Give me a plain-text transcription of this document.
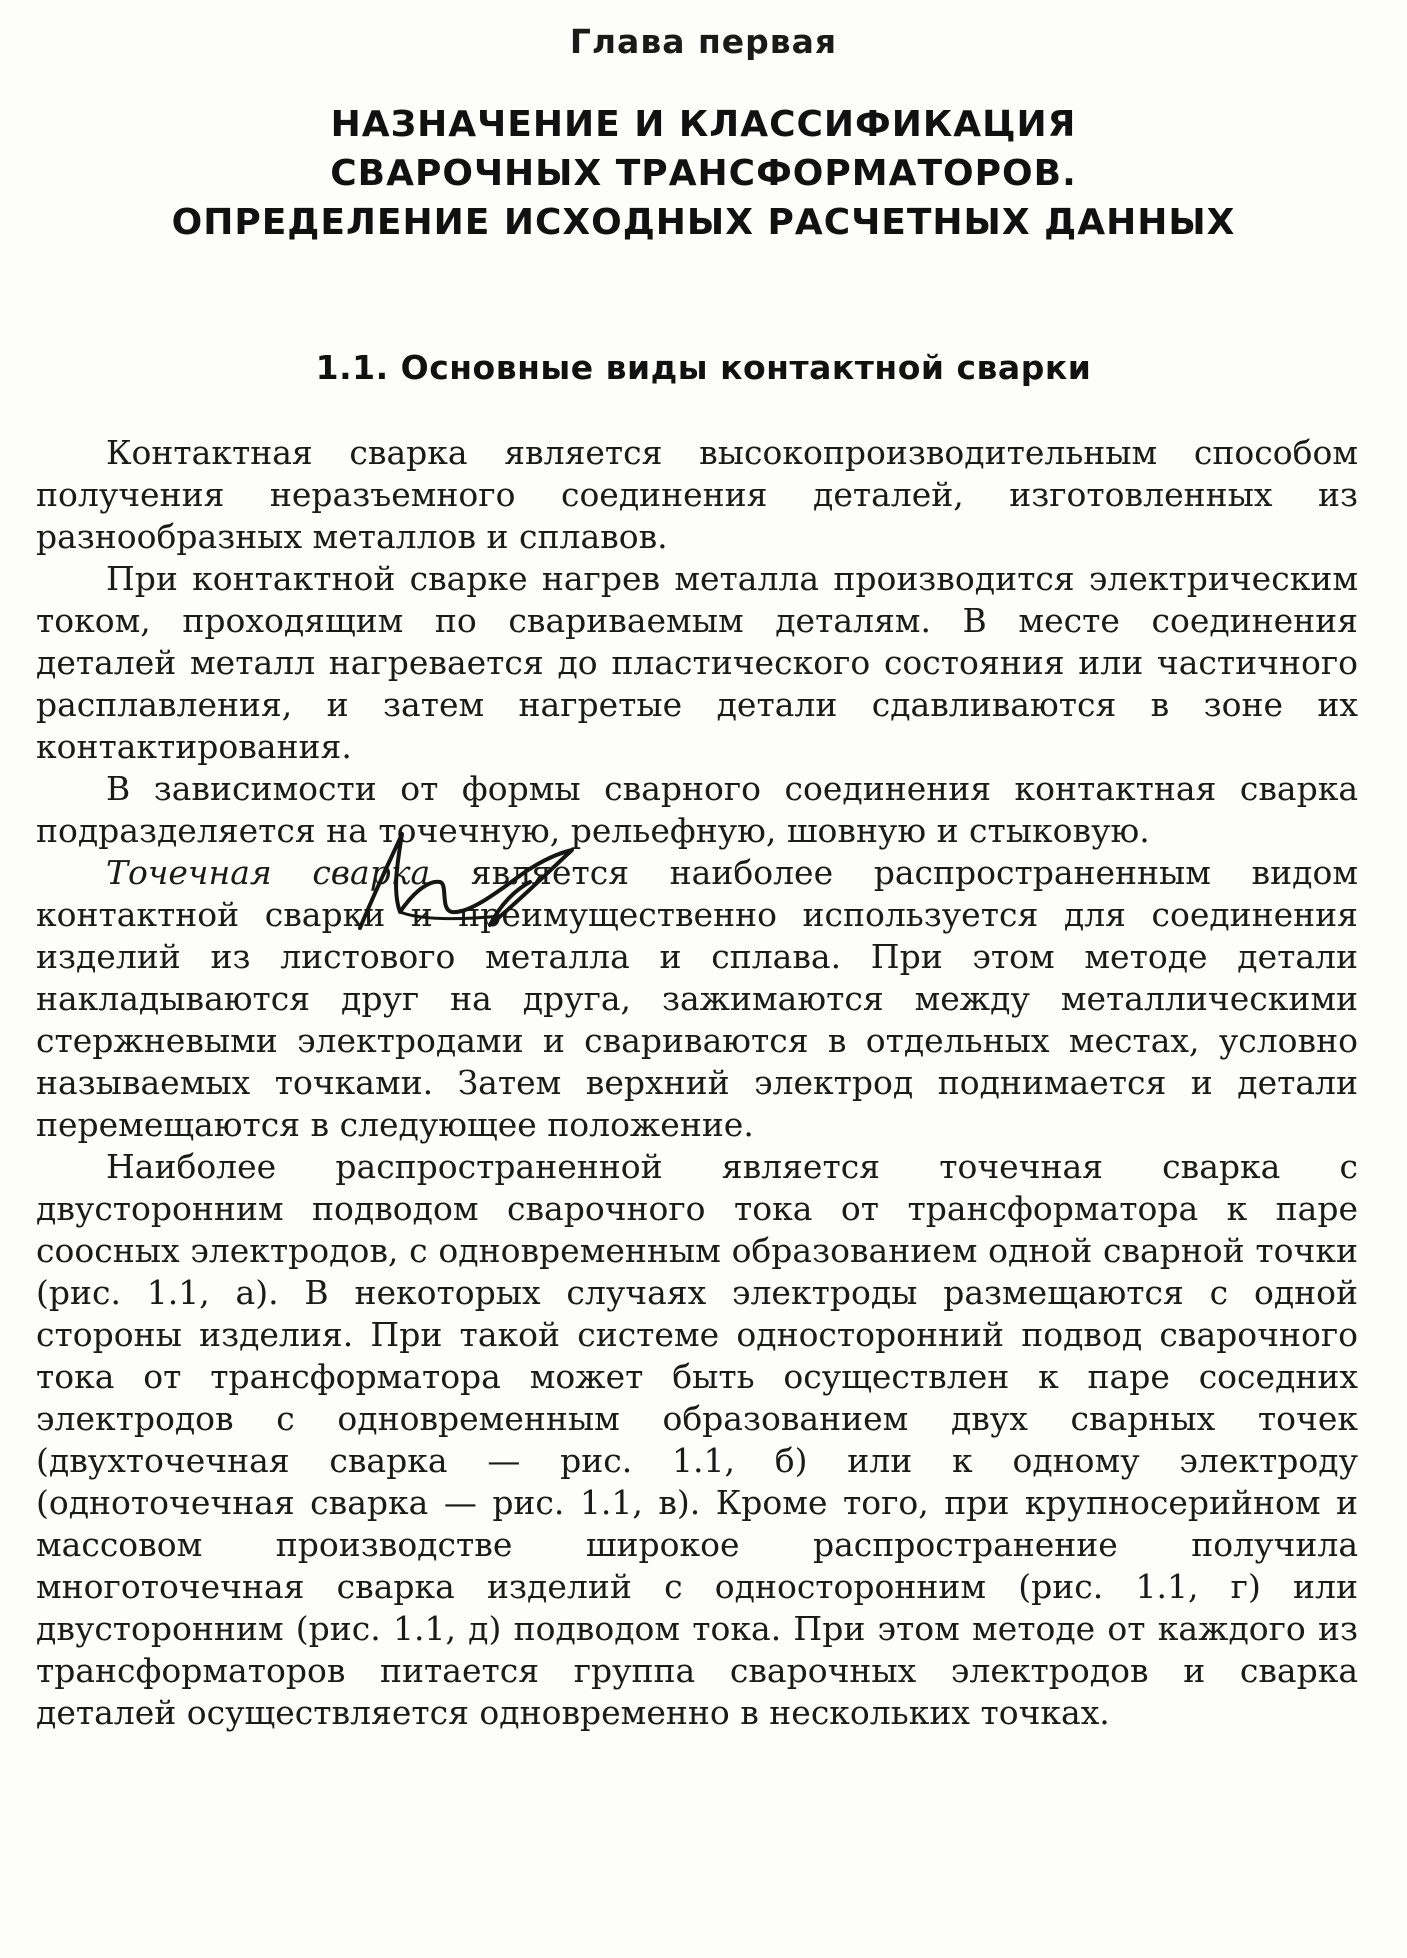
Глава первая
НАЗНАЧЕНИЕ И КЛАССИФИКАЦИЯ
СВАРОЧНЫХ ТРАНСФОРМАТОРОВ.
ОПРЕДЕЛЕНИЕ ИСХОДНЫХ РАСЧЕТНЫХ ДАННЫХ
1.1. Основные виды контактной сварки

Контактная сварка является высокопроизводительным способом получения неразъемного соединения деталей, изготовленных из разнообразных металлов и сплавов.

При контактной сварке нагрев металла производится электрическим током, проходящим по свариваемым деталям. В месте соединения деталей металл нагревается до пластического состояния или частичного расплавления, и затем нагретые детали сдавливаются в зоне их контактирования.

В зависимости от формы сварного соединения контактная сварка подразделяется на точечную, рельефную, шовную и стыковую.

Точечная сварка является наиболее распространенным видом контактной сварки и преимущественно используется для соединения изделий из листового металла и сплава. При этом методе детали накладываются друг на друга, зажимаются между металлическими стержневыми электродами и свариваются в отдельных местах, условно называемых точками. Затем верхний электрод поднимается и детали перемещаются в следующее положение.

Наиболее распространенной является точечная сварка с двусторонним подводом сварочного тока от трансформатора к паре соосных электродов, с одновременным образованием одной сварной точки (рис. 1.1, а). В некоторых случаях электроды размещаются с одной стороны изделия. При такой системе односторонний подвод сварочного тока от трансформатора может быть осуществлен к паре соседних электродов с одновременным образованием двух сварных точек (двухточечная сварка — рис. 1.1, б) или к одному электроду (одноточечная сварка — рис. 1.1, в). Кроме того, при крупносерийном и массовом производстве широкое распространение получила многоточечная сварка изделий с односторонним (рис. 1.1, г) или двусторонним (рис. 1.1, д) подводом тока. При этом методе от каждого из трансформаторов питается группа сварочных электродов и сварка деталей осуществляется одновременно в нескольких точках.
